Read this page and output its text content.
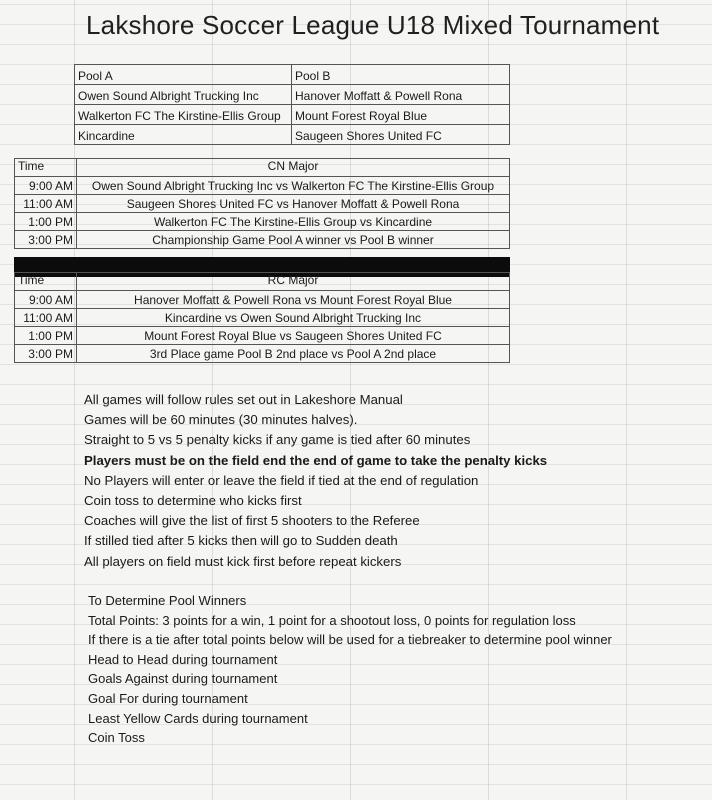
Lakshore Soccer League U18 Mixed Tournament
Pool A	Pool B
Owen Sound Albright Trucking Inc	Hanover Moffatt & Powell Rona
Walkerton FC The Kirstine-Ellis Group	Mount Forest Royal Blue
Kincardine	Saugeen Shores United FC
Time	CN Major
9:00 AM	Owen Sound Albright Trucking Inc vs Walkerton FC The Kirstine-Ellis Group
11:00 AM	Saugeen Shores United FC vs Hanover Moffatt & Powell Rona
1:00 PM	Walkerton FC The Kirstine-Ellis Group vs Kincardine
3:00 PM	Championship Game Pool A winner vs Pool B winner
Time	RC Major
9:00 AM	Hanover Moffatt & Powell Rona vs Mount Forest Royal Blue
11:00 AM	Kincardine vs Owen Sound Albright Trucking Inc
1:00 PM	Mount Forest Royal Blue vs Saugeen Shores United FC
3:00 PM	3rd Place game Pool B 2nd place vs Pool A 2nd place
All games will follow rules set out in Lakeshore Manual
Games will be 60 minutes (30 minutes halves).
Straight to 5 vs 5 penalty kicks if any game is tied after 60 minutes
Players must be on the field end the end of game to take the penalty kicks
No Players will enter or leave the field if tied at the end of regulation
Coin toss to determine who kicks first
Coaches will give the list of first 5 shooters to the Referee
If stilled tied after 5 kicks then will go to Sudden death
All players on field must kick first before repeat kickers
To Determine Pool Winners
Total Points: 3 points for a win, 1 point for a shootout loss, 0 points for regulation loss
If there is a tie after total points below will be used for a tiebreaker to determine pool winner
Head to Head during tournament
Goals Against during tournament
Goal For during tournament
Least Yellow Cards during tournament
Coin Toss
